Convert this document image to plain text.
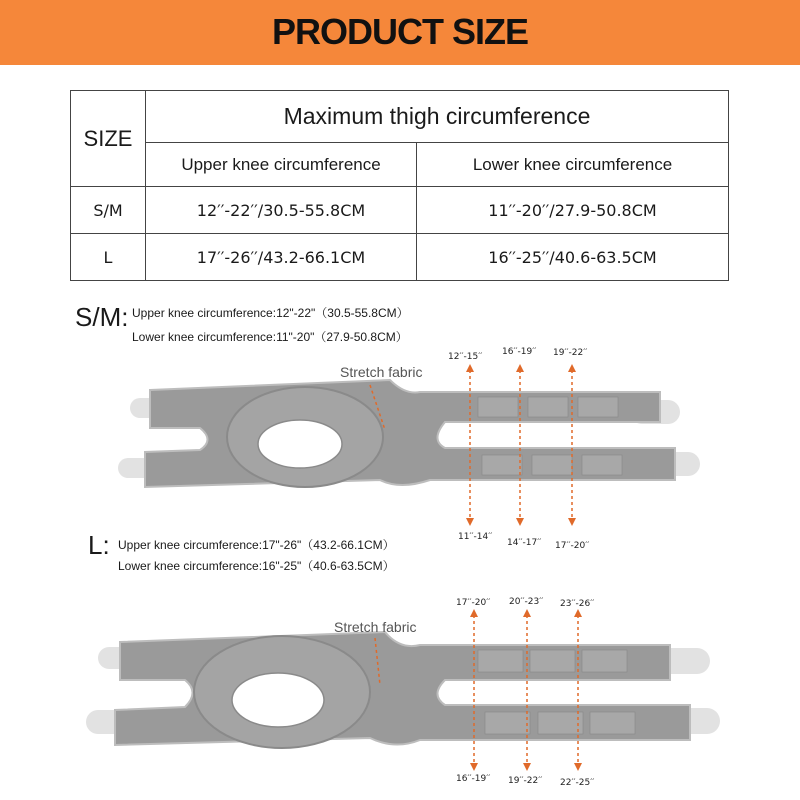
PRODUCT SIZE
SIZE	Maximum thigh circumference	
	Upper knee circumference	Lower knee circumference
S/M	12′′-22′′/30.5-55.8CM	11′′-20′′/27.9-50.8CM
L	17′′-26′′/43.2-66.1CM	16′′-25′′/40.6-63.5CM
S/M: Upper knee circumference:12"-22"（30.5-55.8CM）
Lower knee circumference:11"-20"（27.9-50.8CM）
Stretch fabric
12′′-15′′ 16′′-19′′ 19′′-22′′
11′′-14′′
14′′-17′′ 17′′-20′′
L: Upper knee circumference:17"-26"（43.2-66.1CM）
Lower knee circumference:16"-25"（40.6-63.5CM）
Stretch fabric
17′′-20′′ 20′′-23′′ 23′′-26′′
16′′-19′′ 19′′-22′′ 22′′-25′′
